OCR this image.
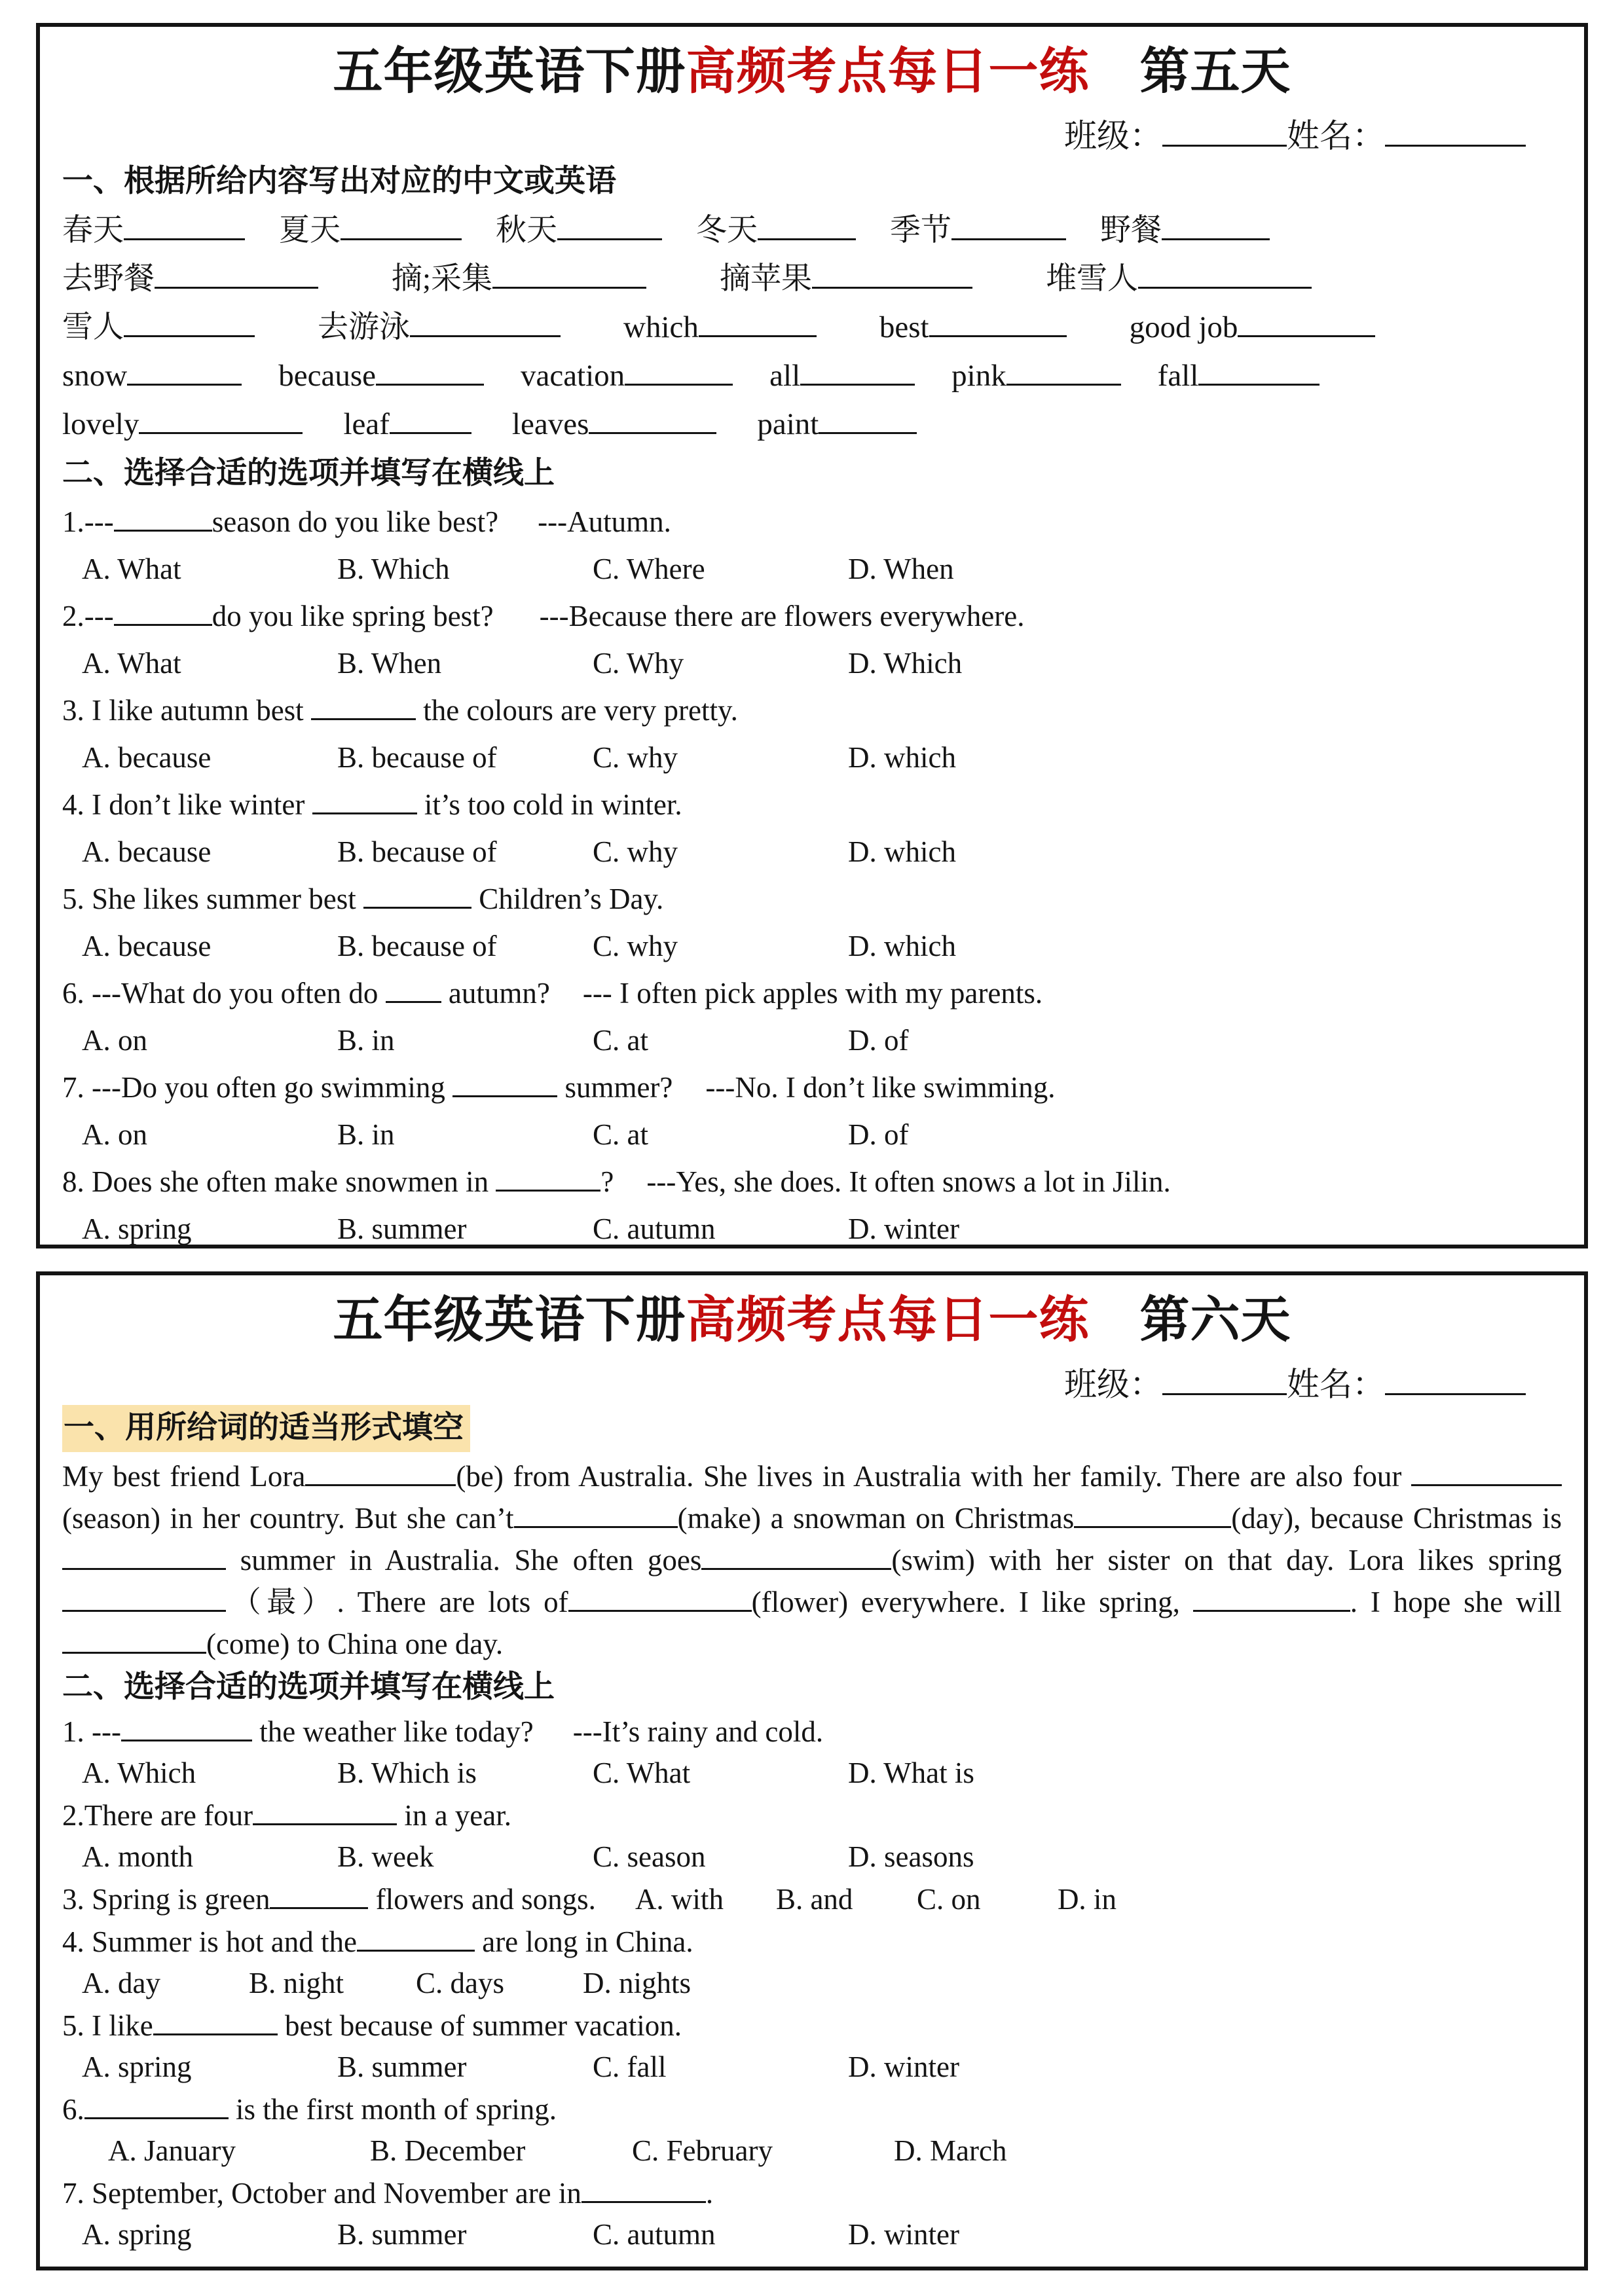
五年级英语下册高频考点每日一练　第五天
班级：	姓名：
一、根据所给内容写出对应的中文或英语
春天	夏天	秋天	冬天	季节	野餐
去野餐	摘;采集	摘苹果	堆雪人
雪人	去游泳	which	best	good job
snow	because	vacation	all	pink	fall
lovely	leaf	leaves	paint
二、选择合适的选项并填写在横线上
1.---	season do you like best? ---Autumn.
A. What	B. Which	C. Where	D. When
2.---	do you like spring best? ---Because there are flowers everywhere.
A. What	B. When	C. Why	D. Which
3. I like autumn best	the colours are very pretty.
A. because	B. because of	C. why	D. which
4. I don’t like winter	it’s too cold in winter.
A. because	B. because of	C. why	D. which
5. She likes summer best	Children’s Day.
A. because	B. because of	C. why	D. which
6. ---What do you often do  autumn? --- I often pick apples with my parents.
A. on	B. in	C. at	D. of
7. ---Do you often go swimming	summer? ---No. I don’t like swimming.
A. on	B. in	C. at	D. of
8. Does she often make snowmen in	? ---Yes, she does. It often snows a lot in Jilin.
A. spring	B. summer	C. autumn	D. winter
五年级英语下册高频考点每日一练　第六天
班级：	姓名：
一、用所给词的适当形式填空

My best friend Lora	(be) from Australia. She lives in Australia with her family. There are also four (season) in her country. But she can’t	(make) a snowman on Christmas	(day), because Christmas is summer in Australia. She often goes	(swim) with her sister on that day. Lora likes spring（最）. There are lots of	(flower) everywhere. I like spring,	. I hope she will(come) to China one day.

二、选择合适的选项并填写在横线上
1. ---	the weather like today? ---It’s rainy and cold.
A. Which	B. Which is	C. What	D. What is
2.There are four	in a year.
A. month	B. week	C. season	D. seasons
3. Spring is green	flowers and songs. A. with B. and C. on	D. in
4. Summer is hot and the	are long in China.
A. day	B. night C. days	D. nights
5. I like	best because of summer vacation.
A. spring	B. summer	C. fall	D. winter
6.	is the first month of spring.
A. January	B. December	C. February	D. March
7. September, October and November are in	.
A. spring	B. summer	C. autumn	D. winter
